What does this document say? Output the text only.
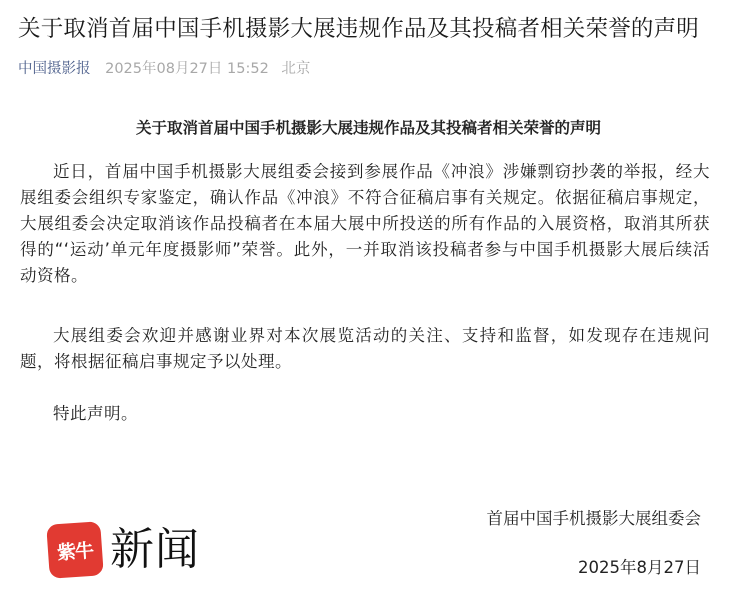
关于取消首届中国手机摄影大展违规作品及其投稿者相关荣誉的声明
中国摄影报 2025年08月27日 15:52 北京
关于取消首届中国手机摄影大展违规作品及其投稿者相关荣誉的声明

近日，首届中国手机摄影大展组委会接到参展作品《冲浪》涉嫌剽窃抄袭的举报，经大展组委会组织专家鉴定，确认作品《冲浪》不符合征稿启事有关规定。依据征稿启事规定，大展组委会决定取消该作品投稿者在本届大展中所投送的所有作品的入展资格，取消其所获得的“‘运动’单元年度摄影师”荣誉。此外，一并取消该投稿者参与中国手机摄影大展后续活动资格。

大展组委会欢迎并感谢业界对本次展览活动的关注、支持和监督，如发现存在违规问题，将根据征稿启事规定予以处理。

特此声明。

紫牛 新闻
首届中国手机摄影大展组委会
2025年8月27日
